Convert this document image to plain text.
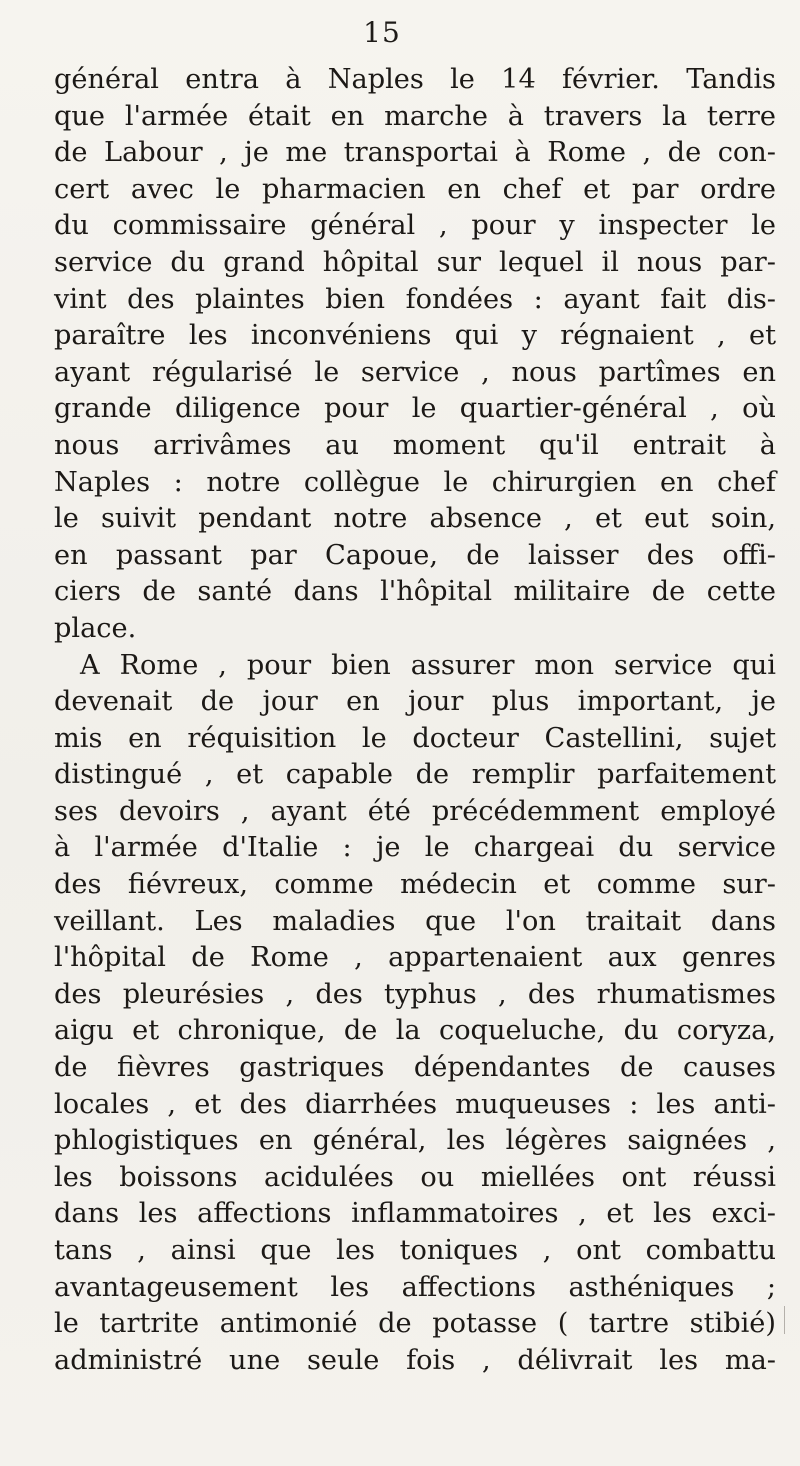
15
général entra à Naples le 14 février. Tandis
que l'armée était en marche à travers la terre
de Labour , je me transportai à Rome , de con-
cert avec le pharmacien en chef et par ordre
du commissaire général , pour y inspecter le
service du grand hôpital sur lequel il nous par-
vint des plaintes bien fondées : ayant fait dis-
paraître les inconvéniens qui y régnaient , et
ayant régularisé le service , nous partîmes en
grande diligence pour le quartier-général , où
nous arrivâmes au moment qu'il entrait à
Naples : notre collègue le chirurgien en chef
le suivit pendant notre absence , et eut soin,
en passant par Capoue, de laisser des offi-
ciers de santé dans l'hôpital militaire de cette
place.
A Rome , pour bien assurer mon service qui
devenait de jour en jour plus important, je
mis en réquisition le docteur Castellini, sujet
distingué , et capable de remplir parfaitement
ses devoirs , ayant été précédemment employé
à l'armée d'Italie : je le chargeai du service
des fiévreux, comme médecin et comme sur-
veillant. Les maladies que l'on traitait dans
l'hôpital de Rome , appartenaient aux genres
des pleurésies , des typhus , des rhumatismes
aigu et chronique, de la coqueluche, du coryza,
de fièvres gastriques dépendantes de causes
locales , et des diarrhées muqueuses : les anti-
phlogistiques en général, les légères saignées ,
les boissons acidulées ou miellées ont réussi
dans les affections inflammatoires , et les exci-
tans , ainsi que les toniques , ont combattu
avantageusement les affections asthéniques ;
le tartrite antimonié de potasse ( tartre stibié)
administré une seule fois , délivrait les ma-
